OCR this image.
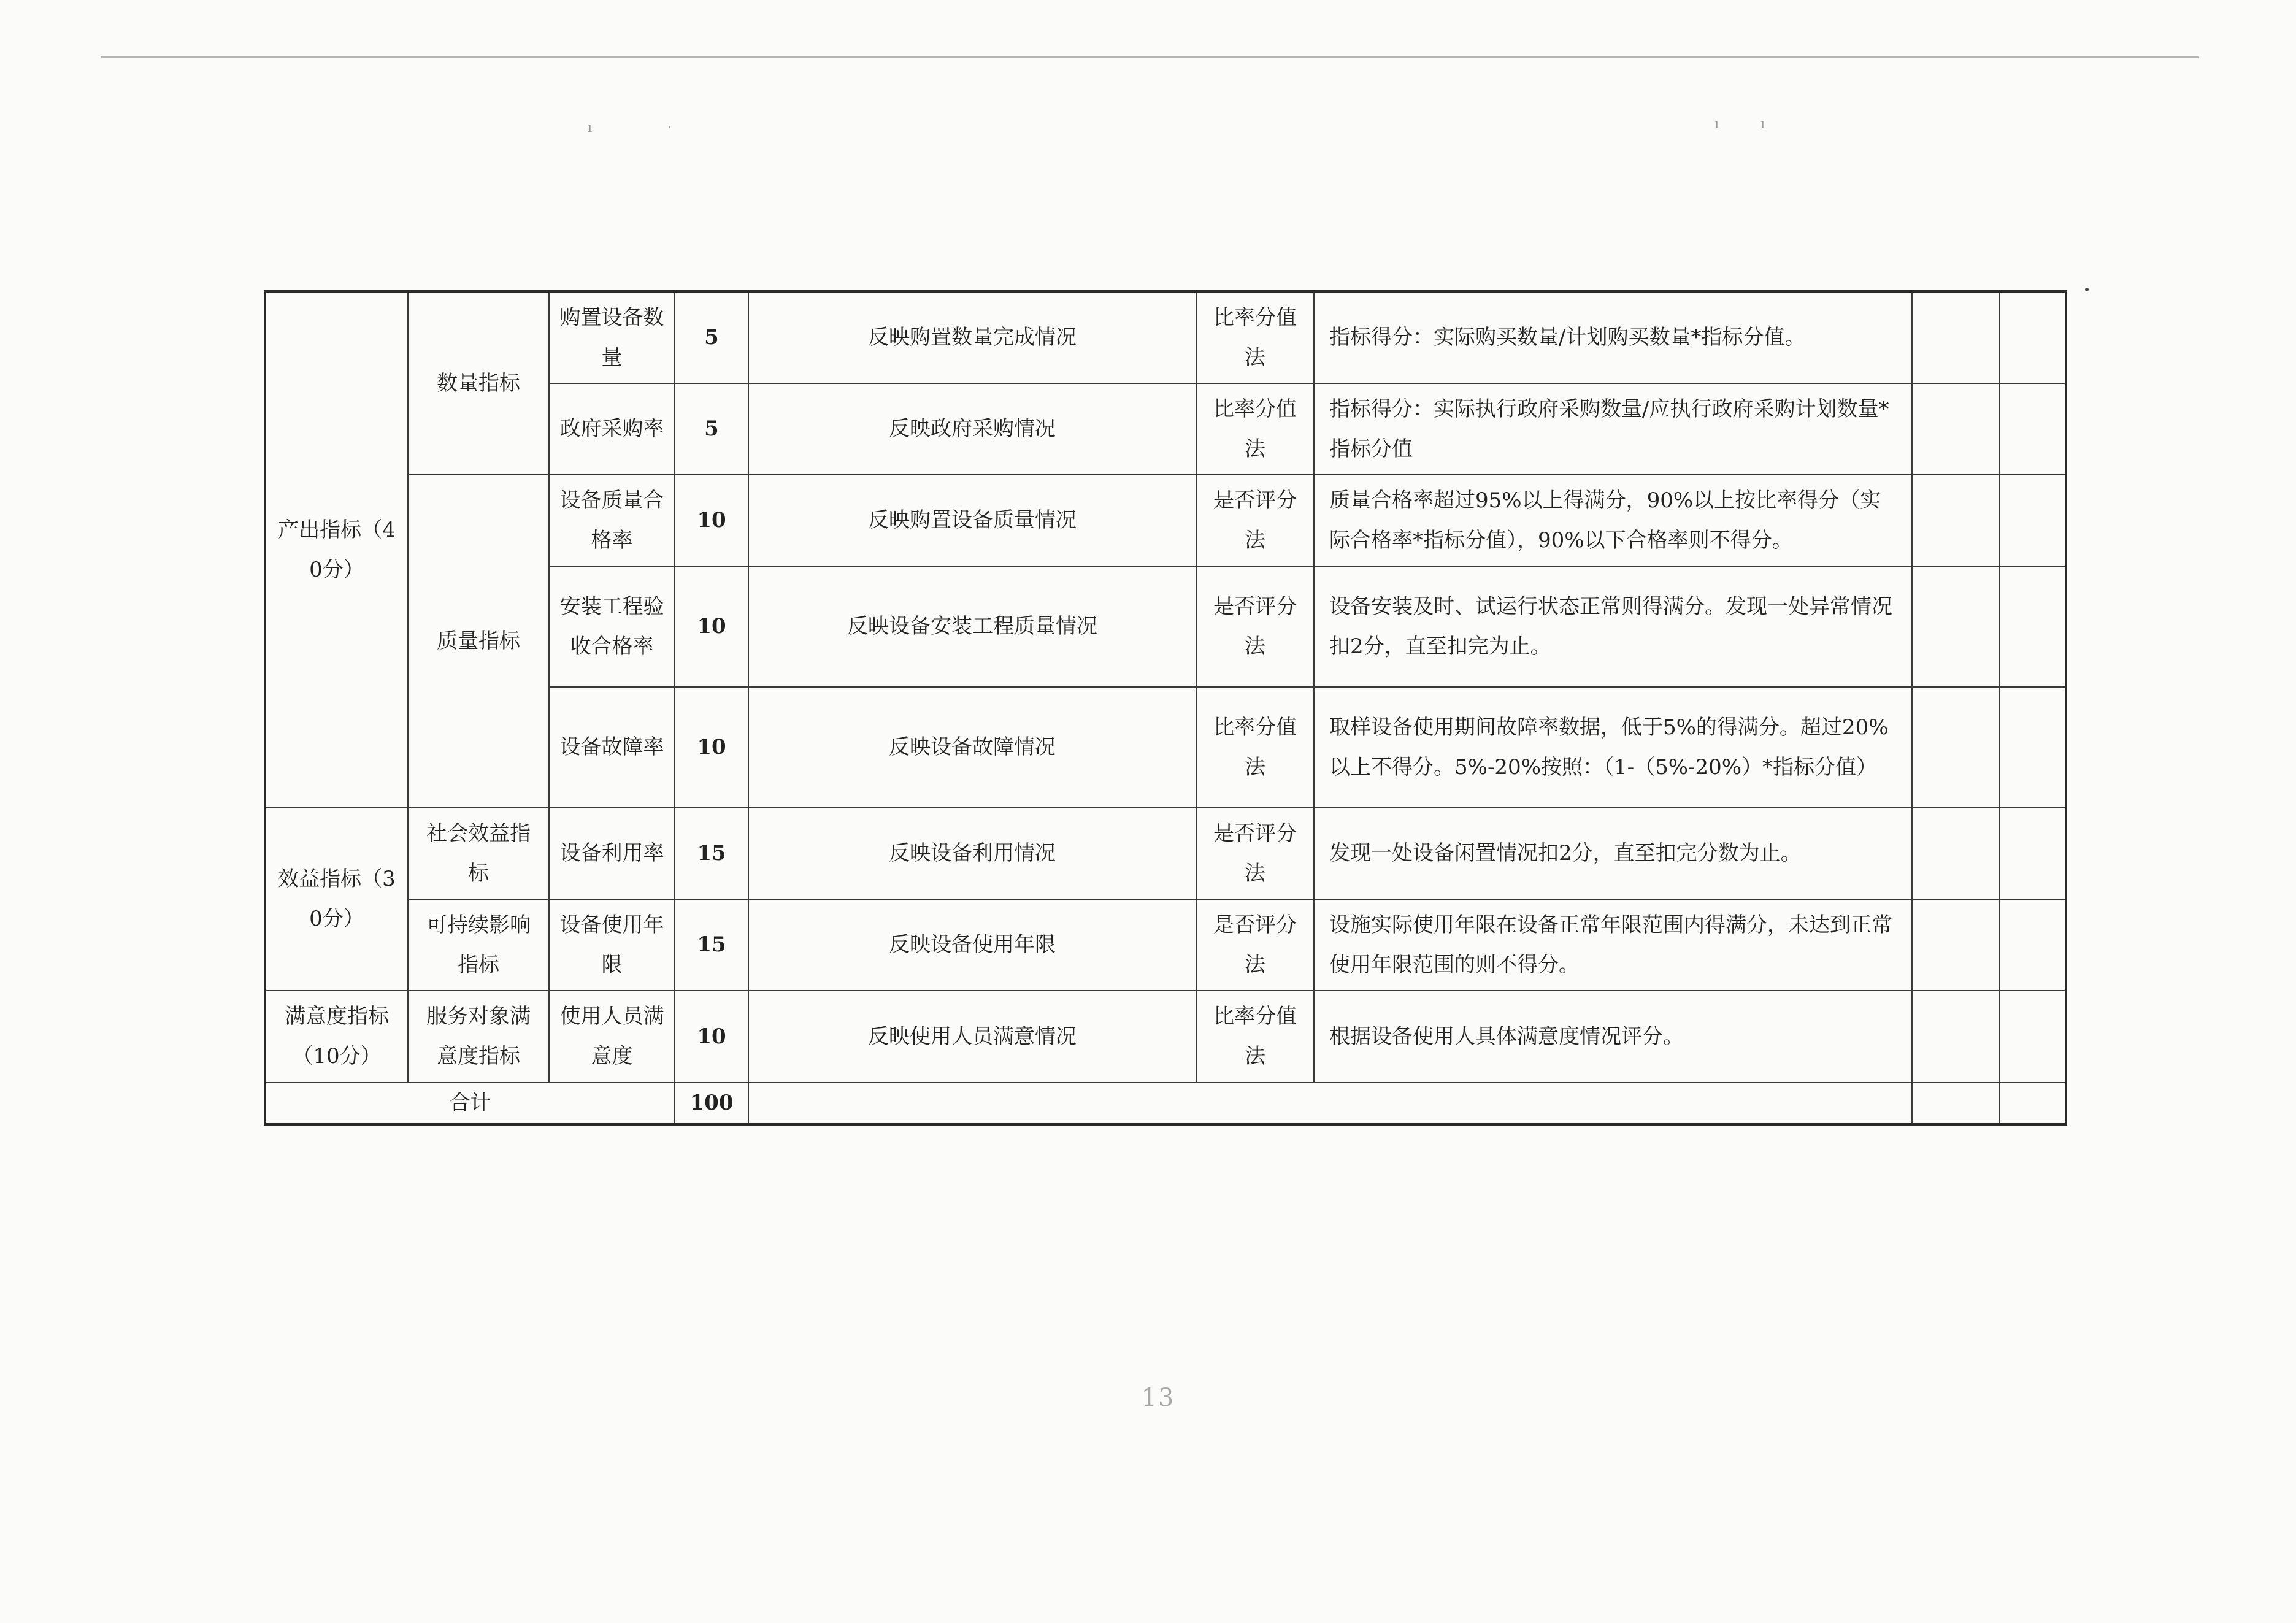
ı	·	ı	ı
产出指标（40分）	数量指标	购置设备数量	5	反映购置数量完成情况	比率分值法	指标得分：实际购买数量/计划购买数量*指标分值。		
		政府采购率	5	反映政府采购情况	比率分值法	指标得分：实际执行政府采购数量/应执行政府采购计划数量*指标分值		
	质量指标	设备质量合格率	10	反映购置设备质量情况	是否评分法	质量合格率超过95%以上得满分，90%以上按比率得分（实际合格率*指标分值），90%以下合格率则不得分。		
		安装工程验收合格率	10	反映设备安装工程质量情况	是否评分法	设备安装及时、试运行状态正常则得满分。发现一处异常情况扣2分，直至扣完为止。		
		设备故障率	10	反映设备故障情况	比率分值法	取样设备使用期间故障率数据，低于5%的得满分。超过20%以上不得分。5%-20%按照：（1-（5%-20%）*指标分值）		
效益指标（30分）	社会效益指标	设备利用率	15	反映设备利用情况	是否评分法	发现一处设备闲置情况扣2分，直至扣完分数为止。		
	可持续影响指标	设备使用年限	15	反映设备使用年限	是否评分法	设施实际使用年限在设备正常年限范围内得满分，未达到正常使用年限范围的则不得分。		
满意度指标（10分）	服务对象满意度指标	使用人员满意度	10	反映使用人员满意情况	比率分值法	根据设备使用人具体满意度情况评分。		
合计			100					
13
